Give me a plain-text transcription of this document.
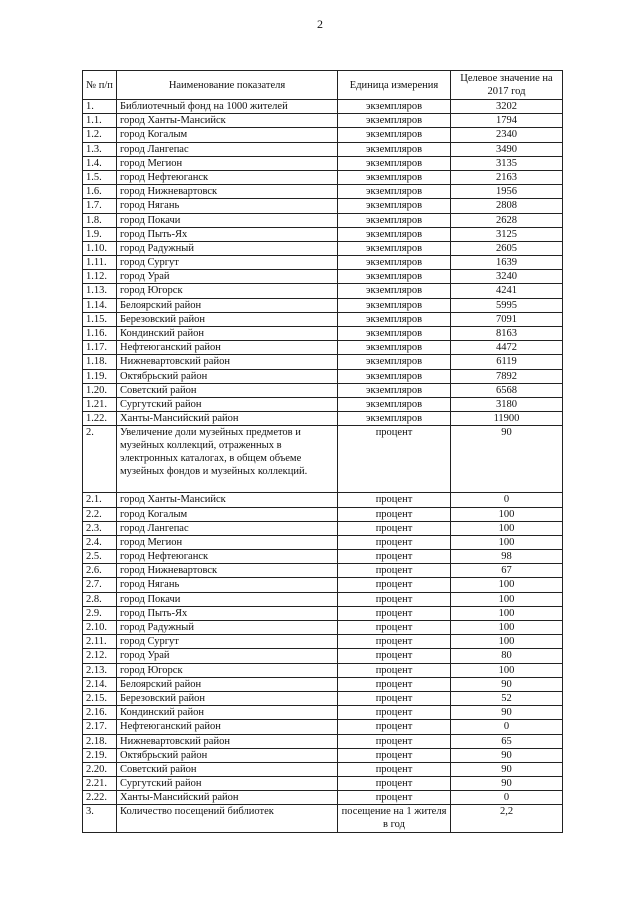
2
№ п/п	Наименование показателя	Единица измерения	Целевое значение на 2017 год
1.	Библиотечный фонд на 1000 жителей	экземпляров	3202
1.1.	город Ханты-Мансийск	экземпляров	1794
1.2.	город Когалым	экземпляров	2340
1.3.	город Лангепас	экземпляров	3490
1.4.	город Мегион	экземпляров	3135
1.5.	город Нефтеюганск	экземпляров	2163
1.6.	город Нижневартовск	экземпляров	1956
1.7.	город Нягань	экземпляров	2808
1.8.	город Покачи	экземпляров	2628
1.9.	город Пыть-Ях	экземпляров	3125
1.10.	город Радужный	экземпляров	2605
1.11.	город Сургут	экземпляров	1639
1.12.	город Урай	экземпляров	3240
1.13.	город Югорск	экземпляров	4241
1.14.	Белоярский район	экземпляров	5995
1.15.	Березовский район	экземпляров	7091
1.16.	Кондинский район	экземпляров	8163
1.17.	Нефтеюганский район	экземпляров	4472
1.18.	Нижневартовский район	экземпляров	6119
1.19.	Октябрьский район	экземпляров	7892
1.20.	Советский район	экземпляров	6568
1.21.	Сургутский район	экземпляров	3180
1.22.	Ханты-Мансийский район	экземпляров	11900
2.	Увеличение доли музейных предметов и музейных коллекций, отраженных в электронных каталогах, в общем объеме музейных фондов и музейных коллекций.	процент	90
2.1.	город Ханты-Мансийск	процент	0
2.2.	город Когалым	процент	100
2.3.	город Лангепас	процент	100
2.4.	город Мегион	процент	100
2.5.	город Нефтеюганск	процент	98
2.6.	город Нижневартовск	процент	67
2.7.	город Нягань	процент	100
2.8.	город Покачи	процент	100
2.9.	город Пыть-Ях	процент	100
2.10.	город Радужный	процент	100
2.11.	город Сургут	процент	100
2.12.	город Урай	процент	80
2.13.	город Югорск	процент	100
2.14.	Белоярский район	процент	90
2.15.	Березовский район	процент	52
2.16.	Кондинский район	процент	90
2.17.	Нефтеюганский район	процент	0
2.18.	Нижневартовский район	процент	65
2.19.	Октябрьский район	процент	90
2.20.	Советский район	процент	90
2.21.	Сургутский район	процент	90
2.22.	Ханты-Мансийский район	процент	0
3.	Количество посещений библиотек	посещение на 1 жителя в год	2,2
